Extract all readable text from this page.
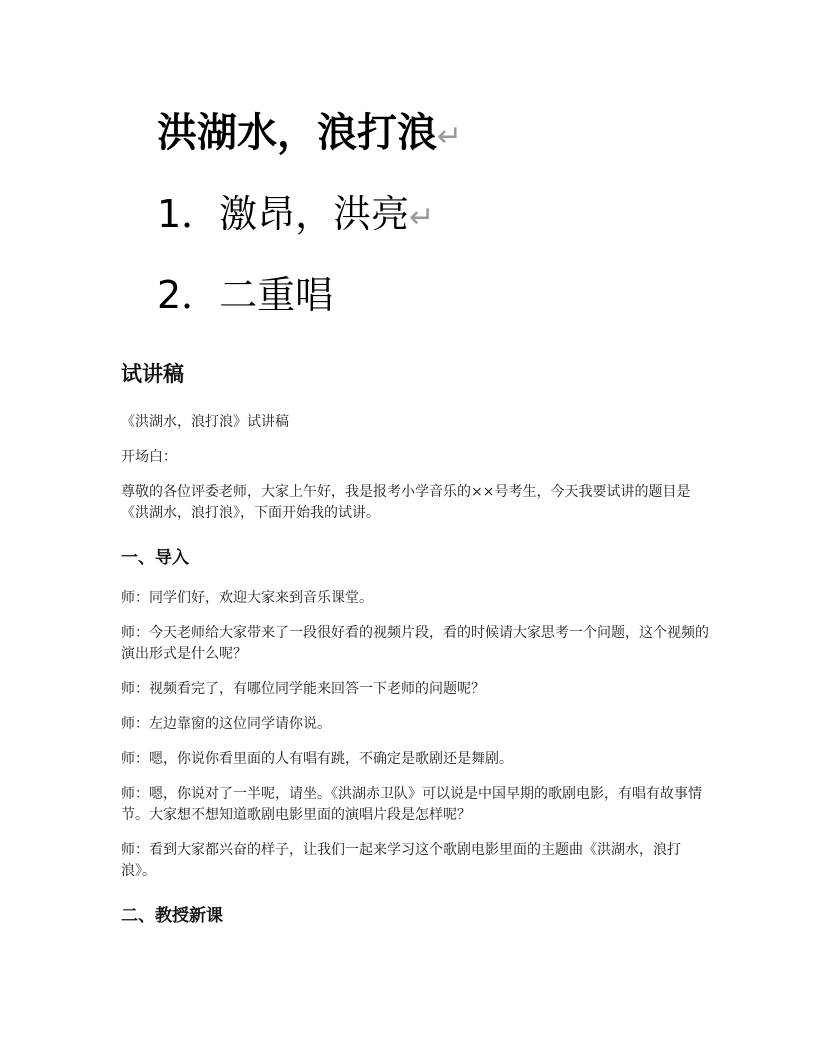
洪湖水，浪打浪↵
1．激昂，洪亮↵
2．二重唱
试讲稿

《洪湖水，浪打浪》试讲稿

开场白：

尊敬的各位评委老师，大家上午好，我是报考小学音乐的××号考生，今天我要试讲的题目是《洪湖水，浪打浪》，下面开始我的试讲。

一、导入

师：同学们好，欢迎大家来到音乐课堂。

师：今天老师给大家带来了一段很好看的视频片段，看的时候请大家思考一个问题，这个视频的演出形式是什么呢？

师：视频看完了，有哪位同学能来回答一下老师的问题呢？

师：左边靠窗的这位同学请你说。

师：嗯，你说你看里面的人有唱有跳，不确定是歌剧还是舞剧。

师：嗯，你说对了一半呢，请坐。《洪湖赤卫队》可以说是中国早期的歌剧电影，有唱有故事情节。大家想不想知道歌剧电影里面的演唱片段是怎样呢？

师：看到大家都兴奋的样子，让我们一起来学习这个歌剧电影里面的主题曲《洪湖水，浪打浪》。

二、教授新课
